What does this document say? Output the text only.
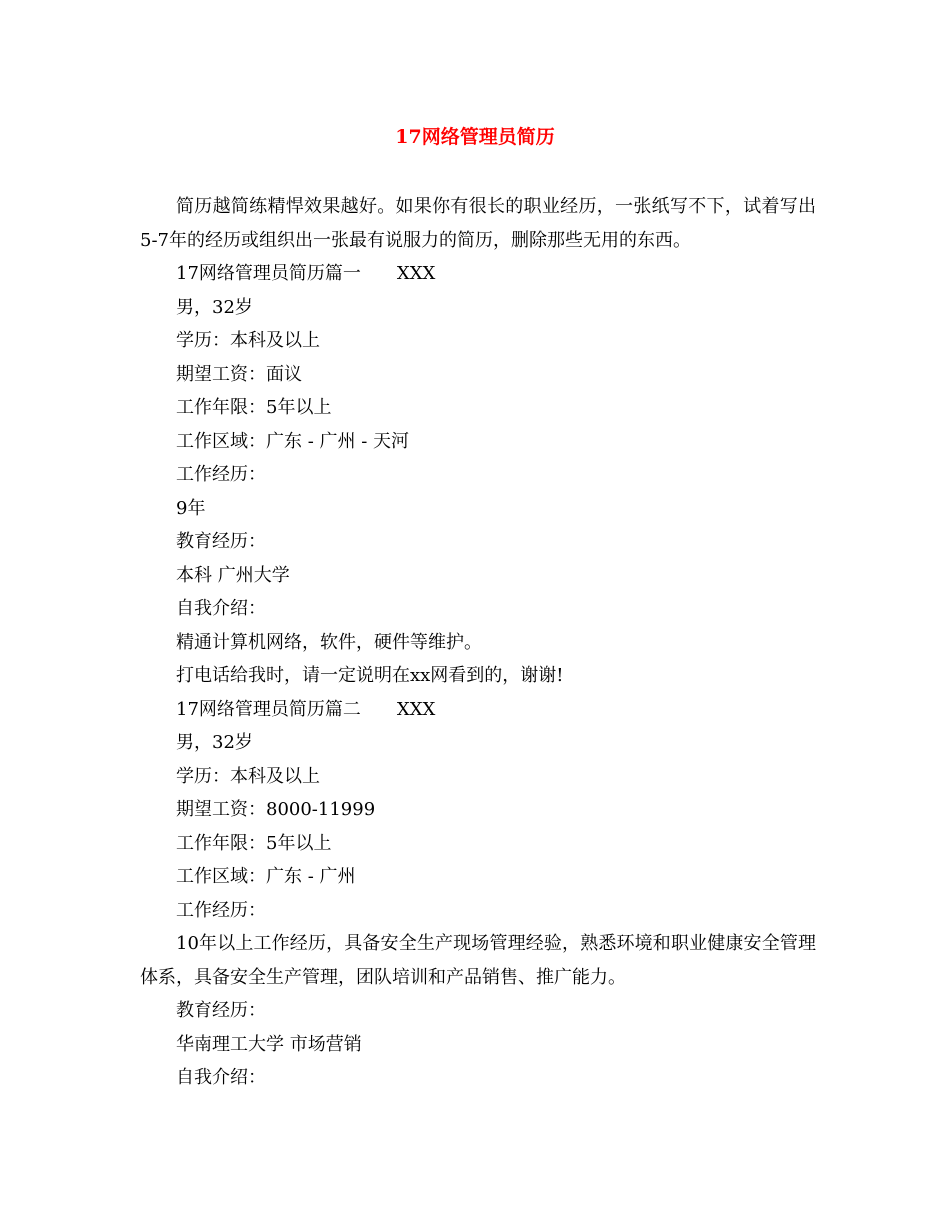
17网络管理员简历

简历越简练精悍效果越好。如果你有很长的职业经历，一张纸写不下，试着写出5-7年的经历或组织出一张最有说服力的简历，删除那些无用的东西。

17网络管理员简历篇一 XXX

男，32岁

学历：本科及以上

期望工资：面议

工作年限：5年以上

工作区域：广东 - 广州 - 天河

工作经历：

9年

教育经历：

本科 广州大学

自我介绍：

精通计算机网络，软件，硬件等维护。

打电话给我时，请一定说明在xx网看到的，谢谢!

17网络管理员简历篇二 XXX

男，32岁

学历：本科及以上

期望工资：8000-11999

工作年限：5年以上

工作区域：广东 - 广州

工作经历：

10年以上工作经历，具备安全生产现场管理经验，熟悉环境和职业健康安全管理体系，具备安全生产管理，团队培训和产品销售、推广能力。

教育经历：

华南理工大学 市场营销

自我介绍：
